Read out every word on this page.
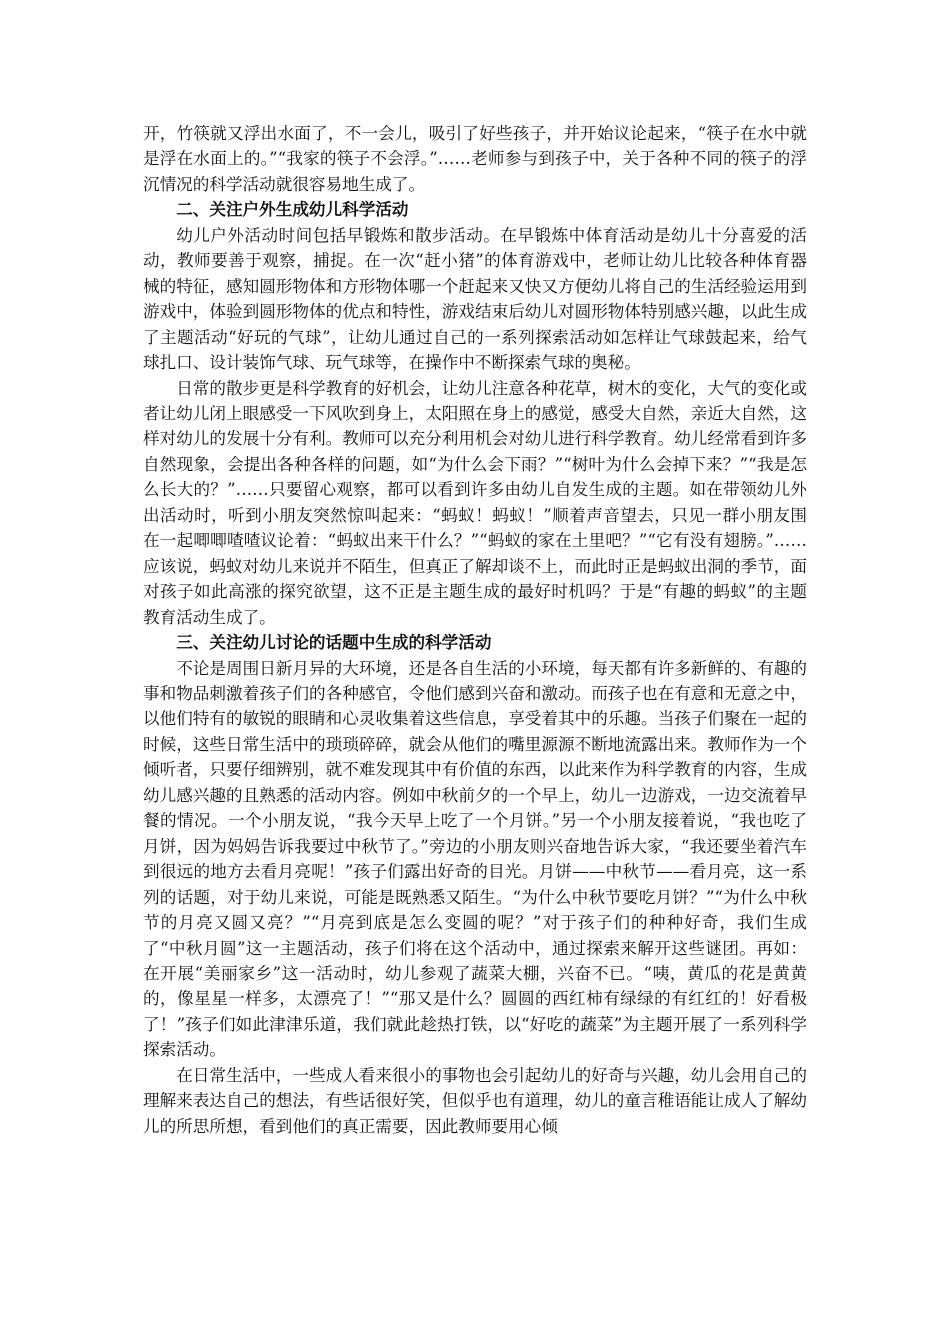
开，竹筷就又浮出水面了，不一会儿，吸引了好些孩子，并开始议论起来，“筷子在水中就是浮在水面上的。”“我家的筷子不会浮。”……老师参与到孩子中，关于各种不同的筷子的浮沉情况的科学活动就很容易地生成了。

二、关注户外生成幼儿科学活动

幼儿户外活动时间包括早锻炼和散步活动。在早锻炼中体育活动是幼儿十分喜爱的活动，教师要善于观察，捕捉。在一次“赶小猪”的体育游戏中，老师让幼儿比较各种体育器械的特征，感知圆形物体和方形物体哪一个赶起来又快又方便幼儿将自己的生活经验运用到游戏中，体验到圆形物体的优点和特性，游戏结束后幼儿对圆形物体特别感兴趣，以此生成了主题活动“好玩的气球”，让幼儿通过自己的一系列探索活动如怎样让气球鼓起来，给气球扎口、设计装饰气球、玩气球等，在操作中不断探索气球的奥秘。

日常的散步更是科学教育的好机会，让幼儿注意各种花草，树木的变化，大气的变化或者让幼儿闭上眼感受一下风吹到身上，太阳照在身上的感觉，感受大自然，亲近大自然，这样对幼儿的发展十分有利。教师可以充分利用机会对幼儿进行科学教育。幼儿经常看到许多自然现象，会提出各种各样的问题，如“为什么会下雨？”“树叶为什么会掉下来？”“我是怎么长大的？”……只要留心观察，都可以看到许多由幼儿自发生成的主题。如在带领幼儿外出活动时，听到小朋友突然惊叫起来：“蚂蚁！蚂蚁！”顺着声音望去，只见一群小朋友围在一起唧唧喳喳议论着：“蚂蚁出来干什么？”“蚂蚁的家在土里吧？”“它有没有翅膀。”……应该说，蚂蚁对幼儿来说并不陌生，但真正了解却谈不上，而此时正是蚂蚁出洞的季节，面对孩子如此高涨的探究欲望，这不正是主题生成的最好时机吗？于是“有趣的蚂蚁”的主题教育活动生成了。

三、关注幼儿讨论的话题中生成的科学活动

不论是周围日新月异的大环境，还是各自生活的小环境，每天都有许多新鲜的、有趣的事和物品刺激着孩子们的各种感官，令他们感到兴奋和激动。而孩子也在有意和无意之中，以他们特有的敏锐的眼睛和心灵收集着这些信息，享受着其中的乐趣。当孩子们聚在一起的时候，这些日常生活中的琐琐碎碎，就会从他们的嘴里源源不断地流露出来。教师作为一个倾听者，只要仔细辨别，就不难发现其中有价值的东西，以此来作为科学教育的内容，生成幼儿感兴趣的且熟悉的活动内容。例如中秋前夕的一个早上，幼儿一边游戏，一边交流着早餐的情况。一个小朋友说，“我今天早上吃了一个月饼。”另一个小朋友接着说，“我也吃了月饼，因为妈妈告诉我要过中秋节了。”旁边的小朋友则兴奋地告诉大家，“我还要坐着汽车到很远的地方去看月亮呢！”孩子们露出好奇的目光。月饼——中秋节——看月亮，这一系列的话题，对于幼儿来说，可能是既熟悉又陌生。“为什么中秋节要吃月饼？”“为什么中秋节的月亮又圆又亮？”“月亮到底是怎么变圆的呢？”对于孩子们的种种好奇，我们生成了“中秋月圆”这一主题活动，孩子们将在这个活动中，通过探索来解开这些谜团。再如：在开展“美丽家乡”这一活动时，幼儿参观了蔬菜大棚，兴奋不已。“咦，黄瓜的花是黄黄的，像星星一样多，太漂亮了！”“那又是什么？圆圆的西红柿有绿绿的有红红的！好看极了！”孩子们如此津津乐道，我们就此趁热打铁，以“好吃的蔬菜”为主题开展了一系列科学探索活动。

在日常生活中，一些成人看来很小的事物也会引起幼儿的好奇与兴趣，幼儿会用自己的理解来表达自己的想法，有些话很好笑，但似乎也有道理，幼儿的童言稚语能让成人了解幼儿的所思所想，看到他们的真正需要，因此教师要用心倾
